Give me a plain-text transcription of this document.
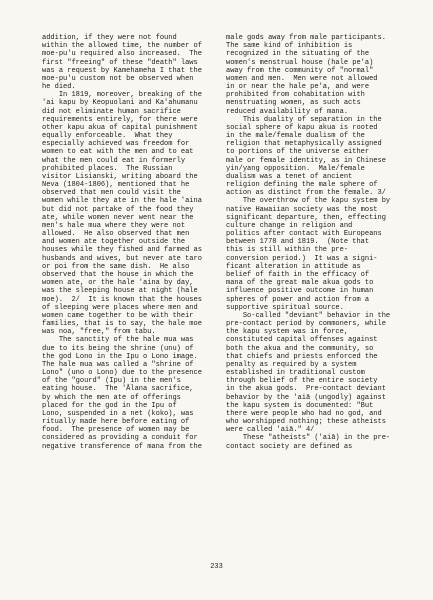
addition, if they were not found
within the allowed time, the number of
moe-pu'u required also increased.  The
first "freeing" of these "death" laws
was a request by Kamehameha I that the
moe-pu'u custom not be observed when
he died.
In 1819, moreover, breaking of the
'ai kapu by Keopuolani and Ka'ahumanu
did not eliminate human sacrifice
requirements entirely, for there were
other kapu akua of capital punishment
equally enforceable.  What they
especially achieved was freedom for
women to eat with the men and to eat
what the men could eat in formerly
prohibited places.  The Russian
visitor Lisianski, writing aboard the
Neva (1804-1806), mentioned that he
observed that men could visit the
women while they ate in the hale 'aina
but did not partake of the food they
ate, while women never went near the
men's hale mua where they were not
allowed.  He also observed that men
and women ate together outside the
houses while they fished and farmed as
husbands and wives, but never ate taro
or poi from the same dish.  He also
observed that the house in which the
women ate, or the hale 'aina by day,
was the sleeping house at night (hale
moe).  2/  It is known that the houses
of sleeping were places where men and
women came together to be with their
families, that is to say, the hale moe
was noa, "free," from tabu.
The sanctity of the hale mua was
due to its being the shrine (unu) of
the god Lono in the Ipu o Lono image.
The hale mua was called a "shrine of
Lono" (uno o Lono) due to the presence
of the "gourd" (Ipu) in the men's
eating house.  The 'Ālana sacrifice,
by which the men ate of offerings
placed for the god in the Ipu of
Lono, suspended in a net (koko), was
ritually made here before eating of
food.  The presence of women may be
considered as providing a conduit for
negative transference of mana from the
male gods away from male participants.
The same kind of inhibition is
recognized in the situating of the
women's menstrual house (hale pe'a)
away from the community of "normal"
women and men.  Men were not allowed
in or near the hale pe'a, and were
prohibited from cohabitation with
menstruating women, as such acts
reduced availability of mana.
This duality of separation in the
social sphere of kapu akua is rooted
in the male/female dualism of the
religion that metaphysically assigned
to portions of the universe either
male or female identity, as in Chinese
yin/yang opposition.  Male/female
dualism was a tenet of ancient
religion defining the male sphere of
action as distinct from the female. 3/
The overthrow of the kapu system by
native Hawaiian society was the most
significant departure, then, effecting
culture change in religion and
politics after contact with Europeans
between 1778 and 1819.  (Note that
this is still within the pre-
conversion period.)  It was a signi-
ficant alteration in attitude as
belief of faith in the efficacy of
mana of the great male akua gods to
influence positive outcome in human
spheres of power and action from a
supportive spiritual source.
So-called "deviant" behavior in the
pre-contact period by commoners, while
the kapu system was in force,
constituted capital offenses against
both the akua and the community, so
that chiefs and priests enforced the
penalty as required by a system
established in traditional custom
through belief of the entire society
in the akua gods.  Pre-contact deviant
behavior by the 'aiā (ungodly) against
the kapu system is documented: "But
there were people who had no god, and
who worshipped nothing; these atheists
were called 'aiā." 4/
These "atheists" ('aiā) in the pre-
contact society are defined as
233
